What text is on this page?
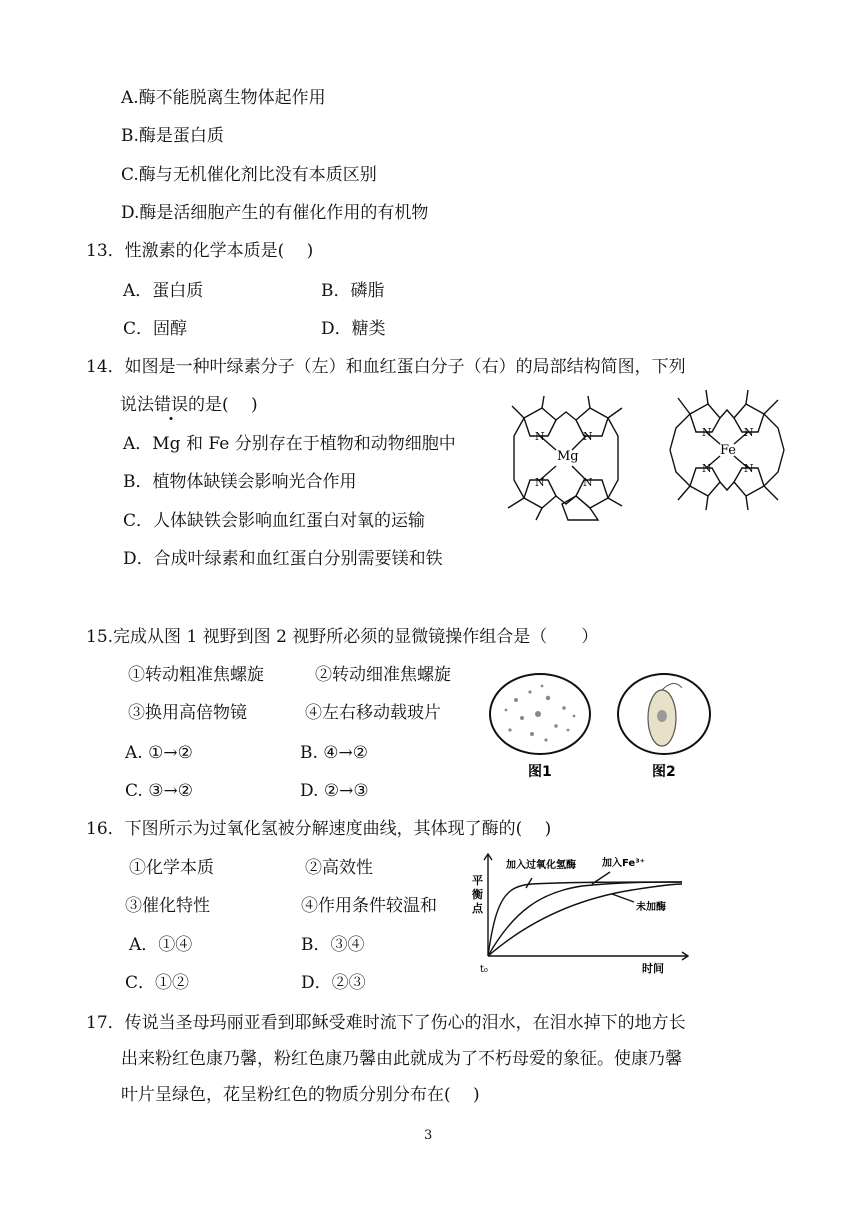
A.酶不能脱离生物体起作用
B.酶是蛋白质
C.酶与无机催化剂比没有本质区别
D.酶是活细胞产生的有催化作用的有机物
13．性激素的化学本质是(　 )
A．蛋白质	B．磷脂
C．固醇	D．糖类
14．如图是一种叶绿素分子（左）和血红蛋白分子（右）的局部结构简图，下列
说法错误的是(　 )
A．Mg 和 Fe 分别存在于植物和动物细胞中
B．植物体缺镁会影响光合作用
C．人体缺铁会影响血红蛋白对氧的运输
D．合成叶绿素和血红蛋白分别需要镁和铁
Mg
N	N
N	N
Fe
N	N
N	N
15.完成从图 1 视野到图 2 视野所必须的显微镜操作组合是（　　）
①转动粗准焦螺旋	②转动细准焦螺旋
③换用高倍物镜	④左右移动载玻片
A. ①→②	B. ④→②
C. ③→②	D. ②→③
图1	图2
16．下图所示为过氧化氢被分解速度曲线，其体现了酶的(　 )
①化学本质	②高效性
③催化特性	④作用条件较温和
A．①④	B．③④
C．①②	D．②③
平 衡 点
时间
t₀
加入过氧化氢酶	加入Fe³⁺
未加酶
17．传说当圣母玛丽亚看到耶稣受难时流下了伤心的泪水，在泪水掉下的地方长
出来粉红色康乃馨，粉红色康乃馨由此就成为了不朽母爱的象征。使康乃馨
叶片呈绿色，花呈粉红色的物质分别分布在(　 )
3
